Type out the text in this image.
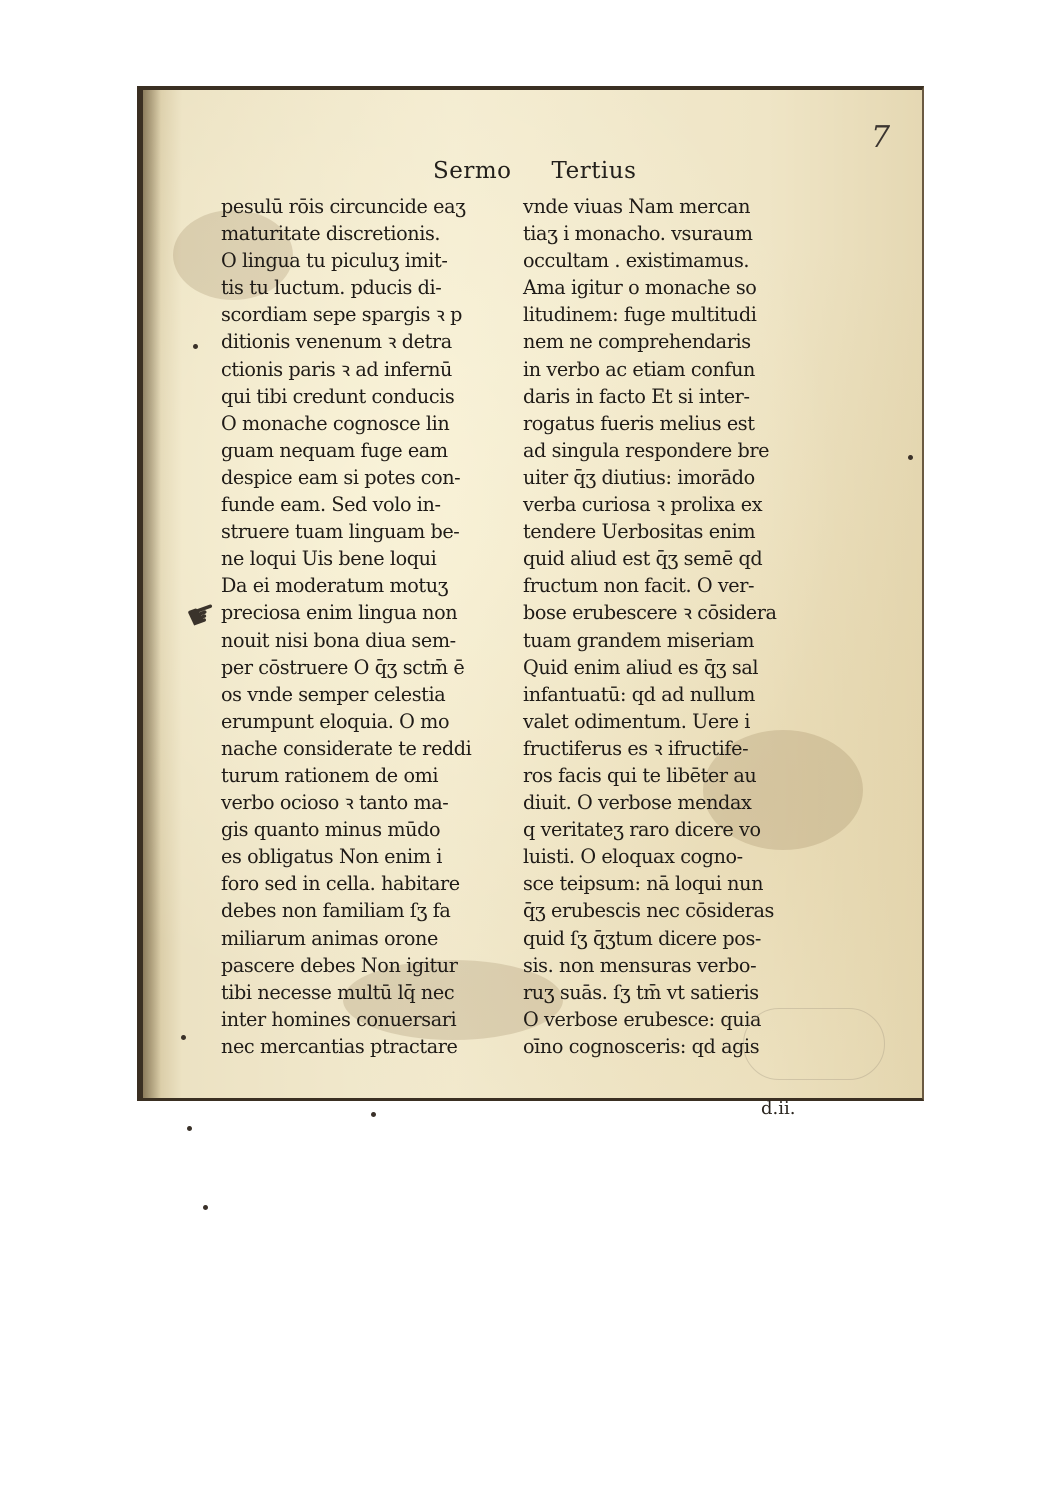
7
Sermo Tertius
☛
pesulū rōis circuncide eaʒ
maturitate discretionis.
O lingua tu piculuʒ imit-
tis tu luctum. pducis di-
scordiam sepe spargis ꝛ p
ditionis venenum ꝛ detra
ctionis paris ꝛ ad infernū
qui tibi credunt conducis
O monache cognosce lin
guam nequam fuge eam
despice eam si potes con-
funde eam. Sed volo in-
struere tuam linguam be-
ne loqui Uis bene loqui
Da ei moderatum motuʒ
preciosa enim lingua non
nouit nisi bona diua sem-
per cōstruere O q̄ʒ sctm̄ ē
os vnde semper celestia
erumpunt eloquia. O mo
nache considerate te reddi
turum rationem de omi
verbo ocioso ꝛ tanto ma-
gis quanto minus mūdo
es obligatus Non enim i
foro sed in cella. habitare
debes non familiam ſʒ fa
miliarum animas orone
pascere debes Non igitur
tibi necesse multū lq̄ nec
inter homines conuersari
nec mercantias ptractare
vnde viuas Nam mercan
tiaʒ i monacho. vsuraum
occultam . existimamus.
Ama igitur o monache so
litudinem: fuge multitudi
nem ne comprehendaris
in verbo ac etiam confun
daris in facto Et si inter-
rogatus fueris melius est
ad singula respondere bre
uiter q̄ʒ diutius: imorādo
verba curiosa ꝛ prolixa ex
tendere Uerbositas enim
quid aliud est q̄ʒ semē qd
fructum non facit. O ver-
bose erubescere ꝛ cōsidera
tuam grandem miseriam
Quid enim aliud es q̄ʒ sal
infantuatū: qd ad nullum
valet odimentum. Uere i
fructiferus es ꝛ ifructife-
ros facis qui te libēter au
diuit. O verbose mendax
q veritateʒ raro dicere vo
luisti. O eloquax cogno-
sce teipsum: nā loqui nun
q̄ʒ erubescis nec cōsideras
quid ſʒ q̄ʒtum dicere pos-
sis. non mensuras verbo-
ruʒ suās. ſʒ tm̄ vt satieris
O verbose erubesce: quia
oīno cognosceris: qd agis
d.ii.
